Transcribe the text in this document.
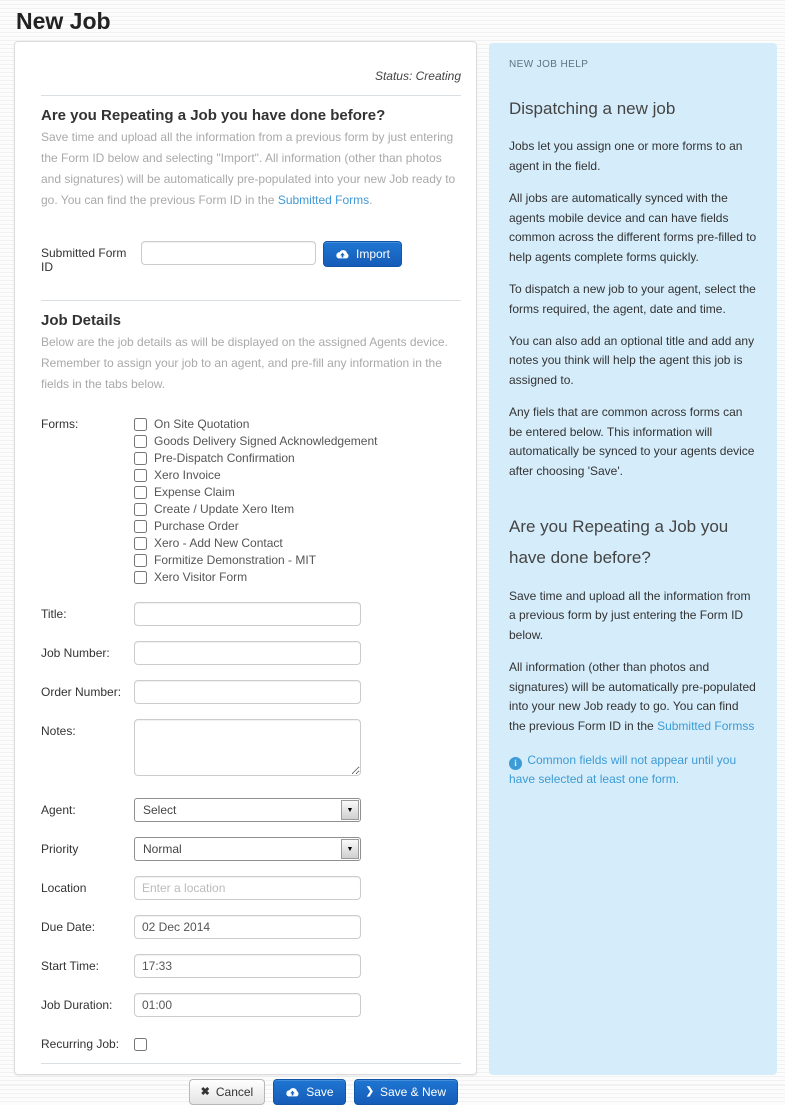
New Job
Status: Creating
Are you Repeating a Job you have done before?

Save time and upload all the information from a previous form by just entering the Form ID below and selecting "Import". All information (other than photos and signatures) will be automatically pre-populated into your new Job ready to go. You can find the previous Form ID in the Submitted Forms.

Submitted Form ID
Import
Job Details

Below are the job details as will be displayed on the assigned Agents device. Remember to assign your job to an agent, and pre-fill any information in the fields in the tabs below.

Forms:	On Site Quotation
Goods Delivery Signed Acknowledgement
Pre-Dispatch Confirmation
Xero Invoice
Expense Claim
Create / Update Xero Item
Purchase Order
Xero - Add New Contact
Formitize Demonstration - MIT
Xero Visitor Form
Title:
Job Number:
Order Number:
Notes:
Agent:	Select	▼
Priority	Normal	▼
Location
Enter a location
Due Date:
02 Dec 2014
Start Time:
17:33
Job Duration:
01:00
Recurring Job:
✖ Cancel	Save	❯ Save & New
NEW JOB HELP
Dispatching a new job

Jobs let you assign one or more forms to an agent in the field.

All jobs are automatically synced with the agents mobile device and can have fields common across the different forms pre-filled to help agents complete forms quickly.

To dispatch a new job to your agent, select the forms required, the agent, date and time.

You can also add an optional title and add any notes you think will help the agent this job is assigned to.

Any fiels that are common across forms can be entered below. This information will automatically be synced to your agents device after choosing 'Save'.

Are you Repeating a Job you have done before?

Save time and upload all the information from a previous form by just entering the Form ID below.

All information (other than photos and signatures) will be automatically pre-populated into your new Job ready to go. You can find the previous Form ID in the Submitted Formss

i Common fields will not appear until you have selected at least one form.
